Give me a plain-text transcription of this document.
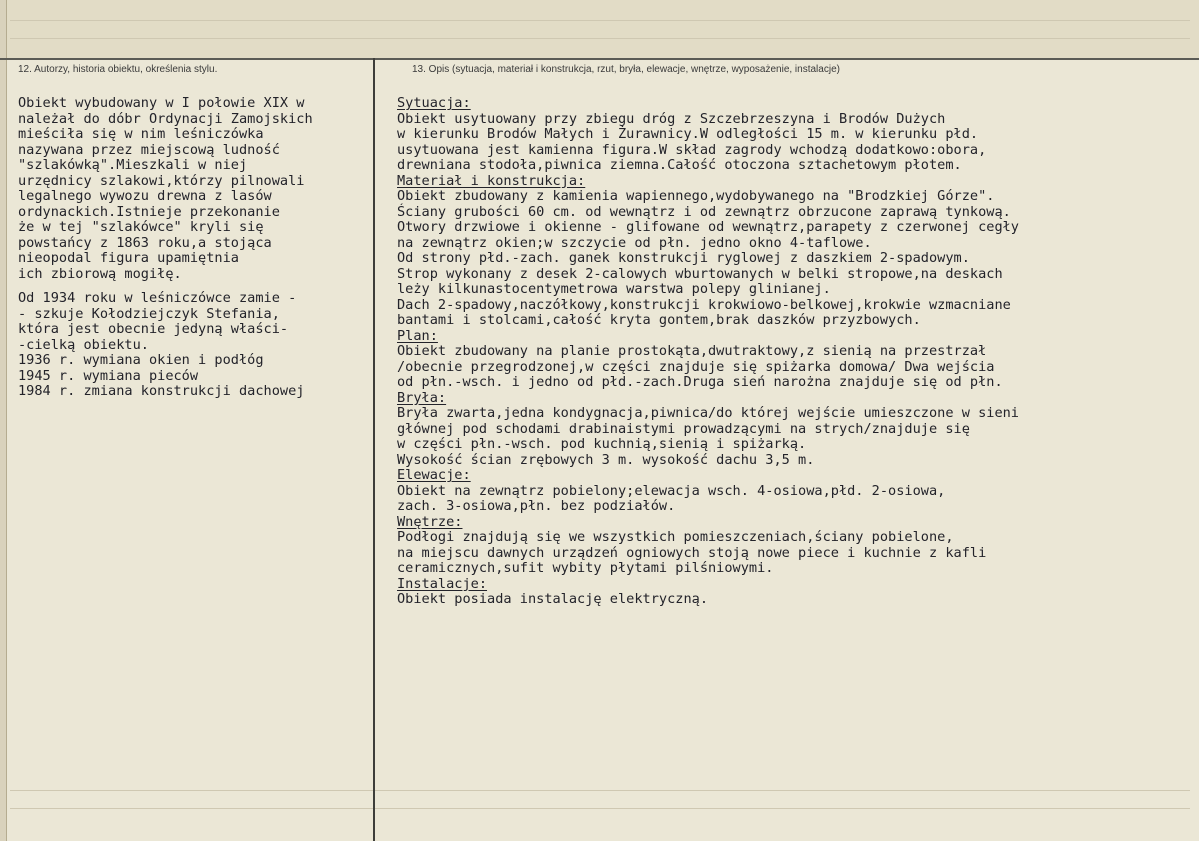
12. Autorzy, historia obiektu, określenia stylu.	13. Opis (sytuacja, materiał i konstrukcja, rzut, bryła, elewacje, wnętrze, wyposażenie, instalacje)
Obiekt wybudowany w I połowie XIX w
należał do dóbr Ordynacji Zamojskich
mieściła się w nim leśniczówka
nazywana przez miejscową ludność
"szlakówką".Mieszkali w niej
urzędnicy szlakowi,którzy pilnowali
legalnego wywozu drewna z lasów
ordynackich.Istnieje przekonanie
że w tej "szlakówce" kryli się
powstańcy z 1863 roku,a stojąca
nieopodal figura upamiętnia
ich zbiorową mogiłę.
Od 1934 roku w leśniczówce zamie -
- szkuje Kołodziejczyk Stefania,
która jest obecnie jedyną właści-
-cielką obiektu.
1936 r. wymiana okien i podłóg
1945 r. wymiana pieców
1984 r. zmiana konstrukcji dachowej
Sytuacja:
Obiekt usytuowany przy zbiegu dróg z Szczebrzeszyna i Brodów Dużych
w kierunku Brodów Małych i Żurawnicy.W odległości 15 m. w kierunku płd.
usytuowana jest kamienna figura.W skład zagrody wchodzą dodatkowo:obora,
drewniana stodoła,piwnica ziemna.Całość otoczona sztachetowym płotem.
Materiał i konstrukcja:
Obiekt zbudowany z kamienia wapiennego,wydobywanego na "Brodzkiej Górze".
Ściany grubości 60 cm. od wewnątrz i od zewnątrz obrzucone zaprawą tynkową.
Otwory drzwiowe i okienne - glifowane od wewnątrz,parapety z czerwonej cegły
na zewnątrz okien;w szczycie od płn. jedno okno 4-taflowe.
Od strony płd.-zach. ganek konstrukcji ryglowej z daszkiem 2-spadowym.
Strop wykonany z desek 2-calowych wburtowanych w belki stropowe,na deskach
leży kilkunastocentymetrowa warstwa polepy glinianej.
Dach 2-spadowy,naczółkowy,konstrukcji krokwiowo-belkowej,krokwie wzmacniane
bantami i stolcami,całość kryta gontem,brak daszków przyzbowych.
Plan:
Obiekt zbudowany na planie prostokąta,dwutraktowy,z sienią na przestrzał
/obecnie przegrodzonej,w części znajduje się spiżarka domowa/ Dwa wejścia
od płn.-wsch. i jedno od płd.-zach.Druga sień narożna znajduje się od płn.
Bryła:
Bryła zwarta,jedna kondygnacja,piwnica/do której wejście umieszczone w sieni
głównej pod schodami drabinaistymi prowadzącymi na strych/znajduje się
w części płn.-wsch. pod kuchnią,sienią i spiżarką.
Wysokość ścian zrębowych 3 m. wysokość dachu 3,5 m.
Elewacje:
Obiekt na zewnątrz pobielony;elewacja wsch. 4-osiowa,płd. 2-osiowa,
zach. 3-osiowa,płn. bez podziałów.
Wnętrze:
Podłogi znajdują się we wszystkich pomieszczeniach,ściany pobielone,
na miejscu dawnych urządzeń ogniowych stoją nowe piece i kuchnie z kafli
ceramicznych,sufit wybity płytami pilśniowymi.
Instalacje:
Obiekt posiada instalację elektryczną.
